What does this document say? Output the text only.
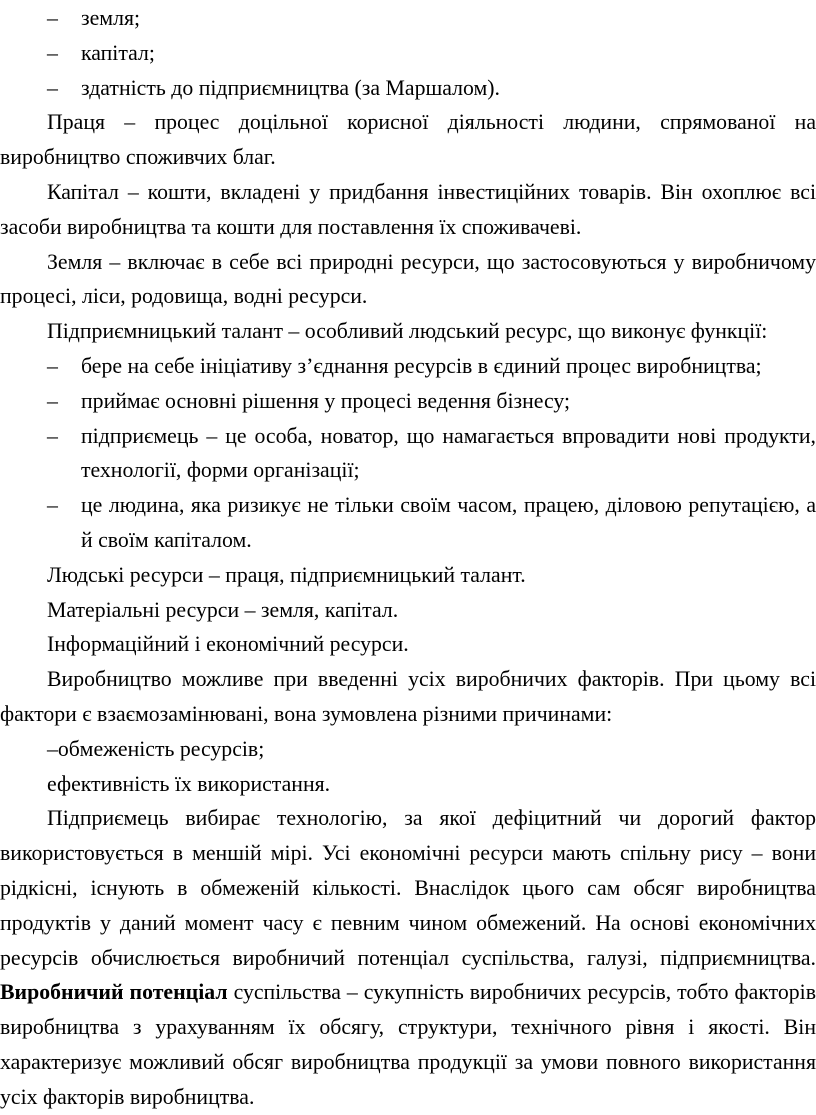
– земля;

– капітал;

– здатність до підприємництва (за Маршалом).

Праця – процес доцільної корисної діяльності людини, спрямованої на виробництво споживчих благ.

Капітал – кошти, вкладені у придбання інвестиційних товарів. Він охоплює всі засоби виробництва та кошти для поставлення їх споживачеві.

Земля – включає в себе всі природні ресурси, що застосовуються у виробничому процесі, ліси, родовища, водні ресурси.

Підприємницький талант – особливий людський ресурс, що виконує функції:

– бере на себе ініціативу з’єднання ресурсів в єдиний процес виробництва;

– приймає основні рішення у процесі ведення бізнесу;

– підприємець – це особа, новатор, що намагається впровадити нові продукти, технології, форми організації;

– це людина, яка ризикує не тільки своїм часом, працею, діловою репутацією, а й своїм капіталом.

Людські ресурси – праця, підприємницький талант.

Матеріальні ресурси – земля, капітал.

Інформаційний і економічний ресурси.

Виробництво можливе при введенні усіх виробничих факторів. При цьому всі фактори є взаємозамінювані, вона зумовлена різними причинами:

–обмеженість ресурсів;

ефективність їх використання.

Підприємець вибирає технологію, за якої дефіцитний чи дорогий фактор використовується в меншій мірі. Усі економічні ресурси мають спільну рису – вони рідкісні, існують в обмеженій кількості. Внаслідок цього сам обсяг виробництва продуктів у даний момент часу є певним чином обмежений. На основі економічних ресурсів обчислюється виробничий потенціал суспільства, галузі, підприємництва. Виробничий потенціал суспільства – сукупність виробничих ресурсів, тобто факторів виробництва з урахуванням їх обсягу, структури, технічного рівня і якості. Він характеризує можливий обсяг виробництва продукції за умови повного використання усіх факторів виробництва.
